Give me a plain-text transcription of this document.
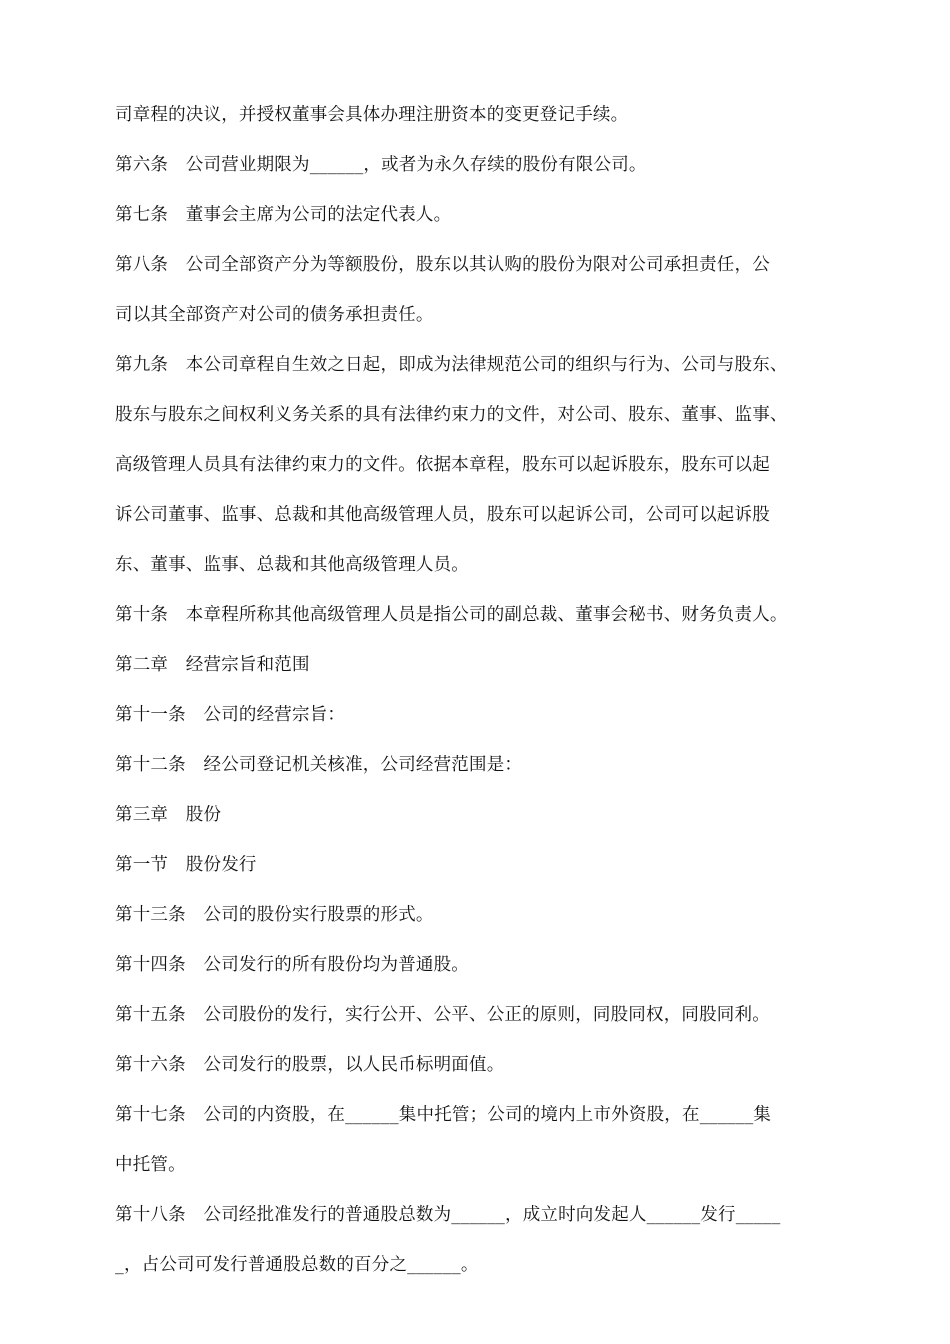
司章程的决议，并授权董事会具体办理注册资本的变更登记手续。

第六条　公司营业期限为______，或者为永久存续的股份有限公司。

第七条　董事会主席为公司的法定代表人。

第八条　公司全部资产分为等额股份，股东以其认购的股份为限对公司承担责任，公

司以其全部资产对公司的债务承担责任。

第九条　本公司章程自生效之日起，即成为法律规范公司的组织与行为、公司与股东、

股东与股东之间权利义务关系的具有法律约束力的文件，对公司、股东、董事、监事、

高级管理人员具有法律约束力的文件。依据本章程，股东可以起诉股东，股东可以起

诉公司董事、监事、总裁和其他高级管理人员，股东可以起诉公司，公司可以起诉股

东、董事、监事、总裁和其他高级管理人员。

第十条　本章程所称其他高级管理人员是指公司的副总裁、董事会秘书、财务负责人。

第二章　经营宗旨和范围

第十一条　公司的经营宗旨：

第十二条　经公司登记机关核准，公司经营范围是：

第三章　股份

第一节　股份发行

第十三条　公司的股份实行股票的形式。

第十四条　公司发行的所有股份均为普通股。

第十五条　公司股份的发行，实行公开、公平、公正的原则，同股同权，同股同利。

第十六条　公司发行的股票，以人民币标明面值。

第十七条　公司的内资股，在______集中托管；公司的境内上市外资股，在______集

中托管。

第十八条　公司经批准发行的普通股总数为______，成立时向发起人______发行_____

_，占公司可发行普通股总数的百分之______。
